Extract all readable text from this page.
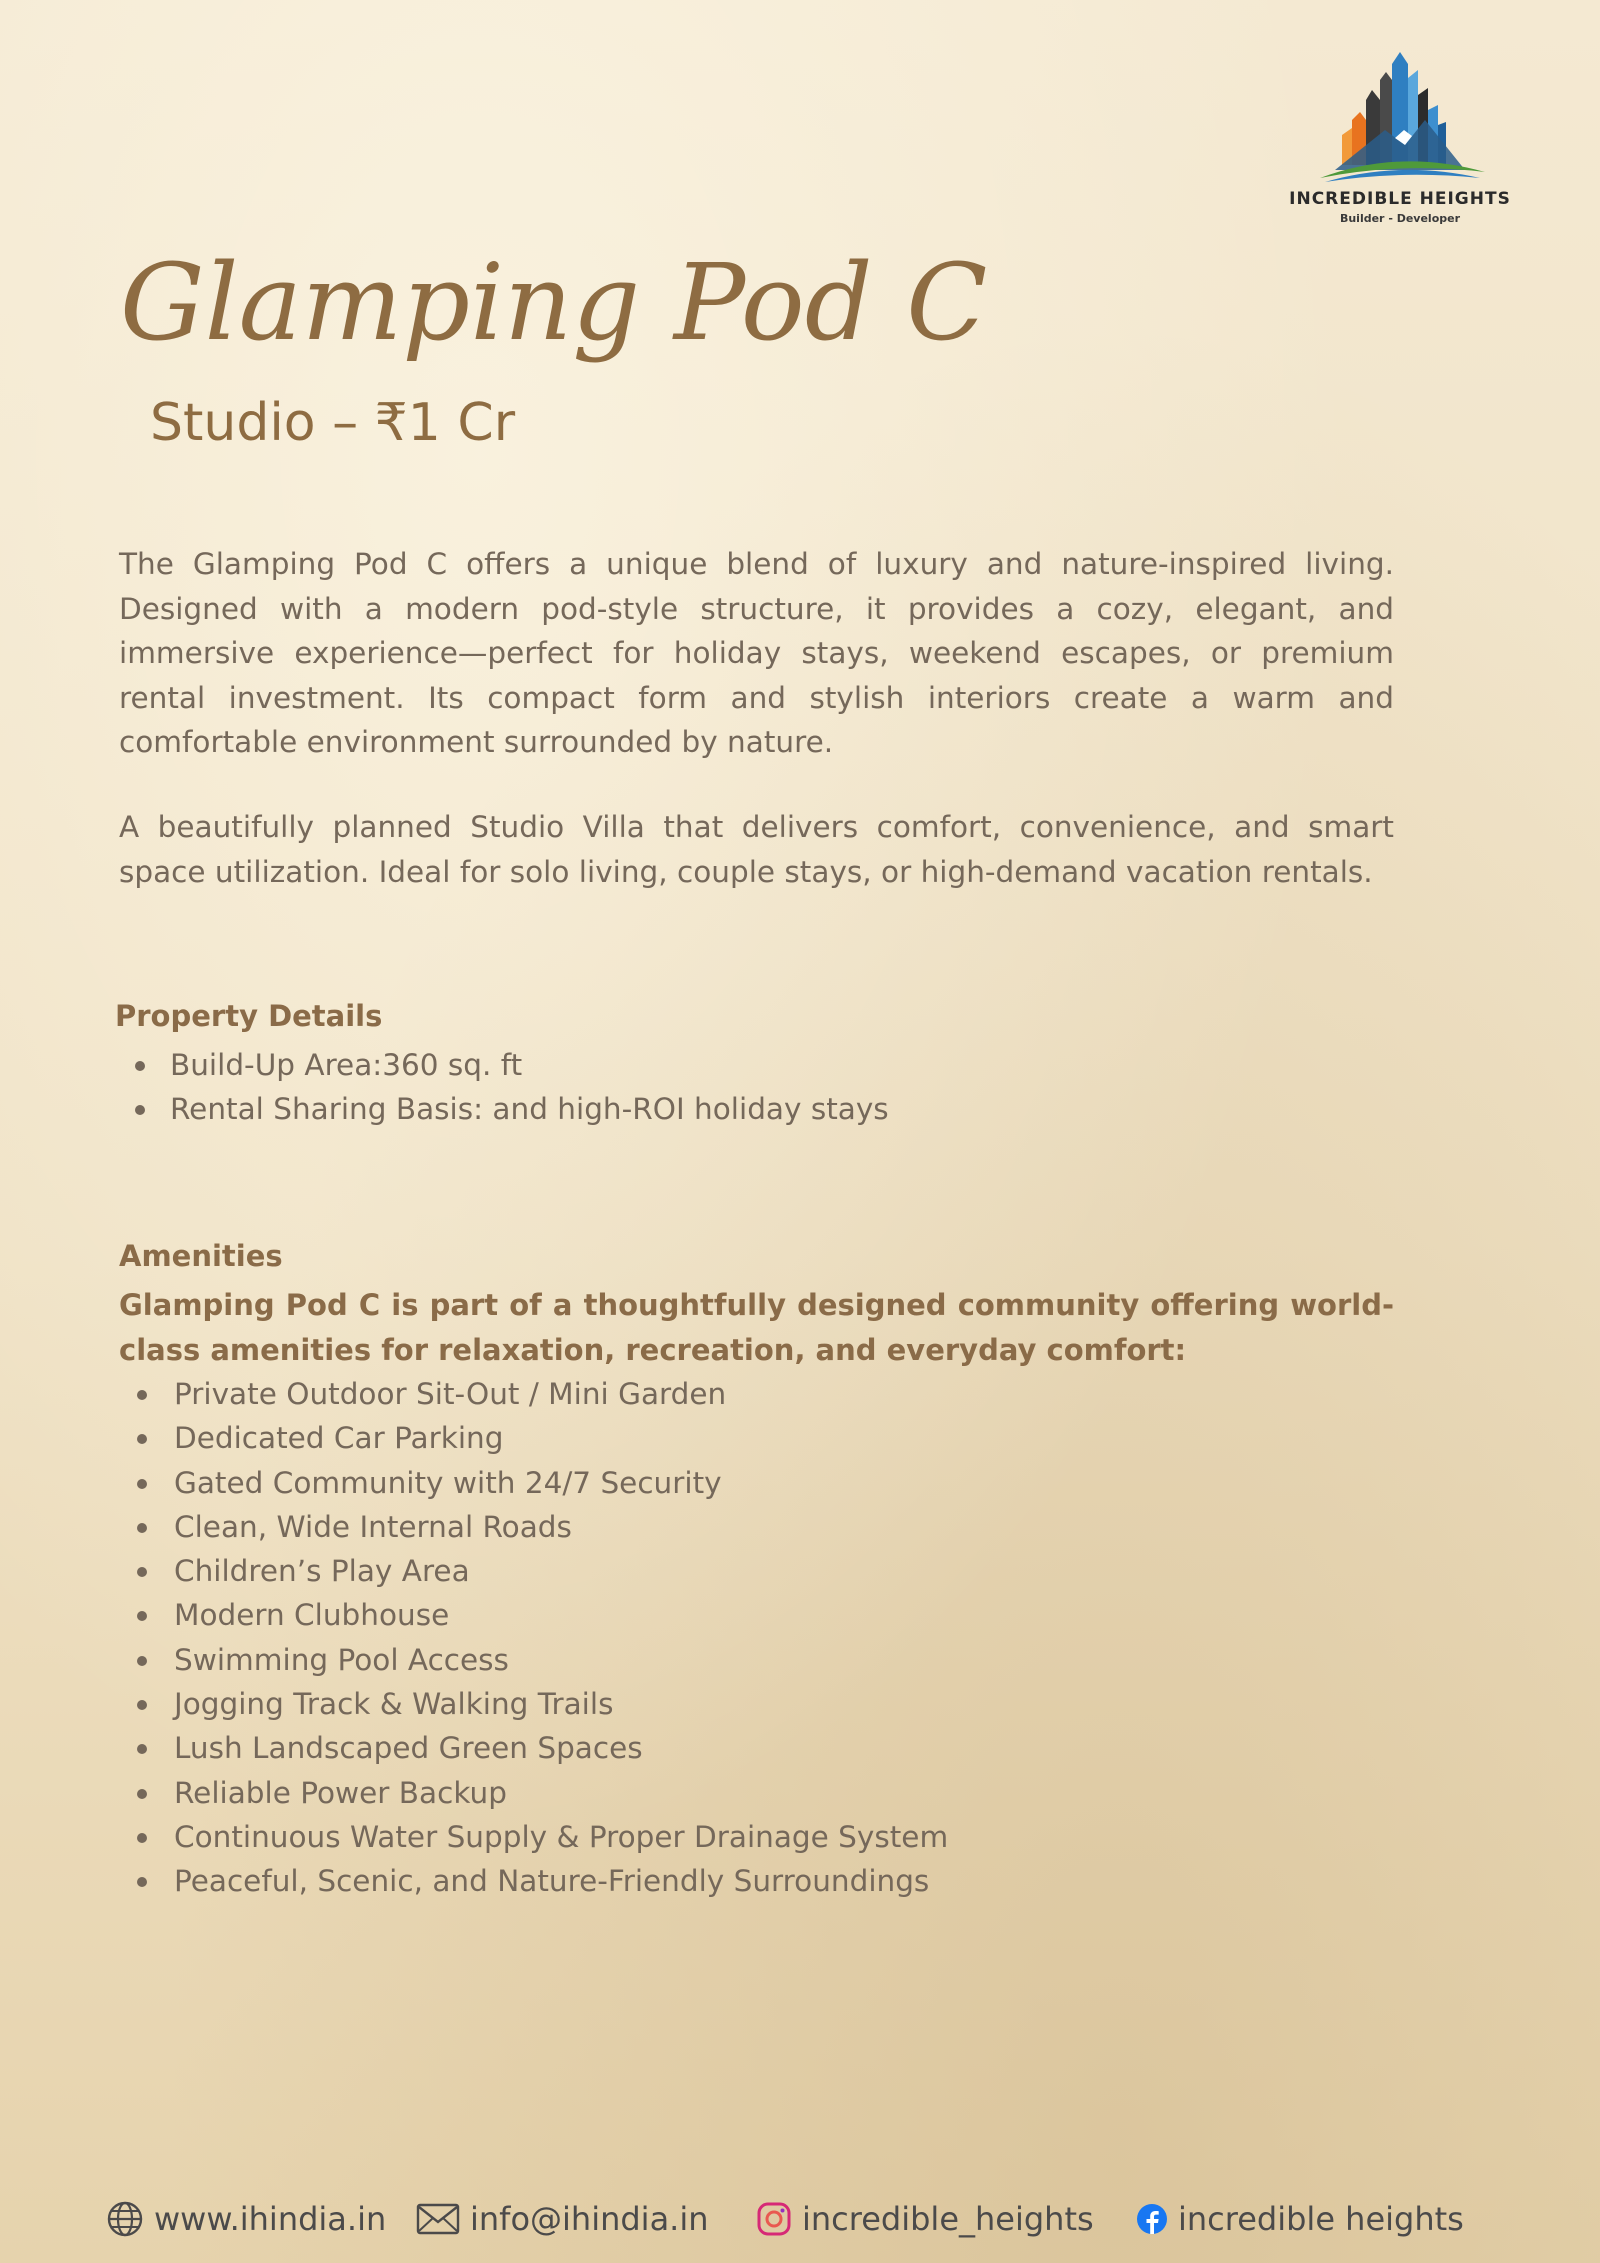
INCREDIBLE HEIGHTS
Builder - Developer
Glamping Pod C
Studio – ₹1 Cr

The Glamping Pod C offers a unique blend of luxury and nature-inspired living. Designed with a modern pod-style structure, it provides a cozy, elegant, and immersive experience—perfect for holiday stays, weekend escapes, or premium rental investment. Its compact form and stylish interiors create a warm and comfortable environment surrounded by nature.

A beautifully planned Studio Villa that delivers comfort, convenience, and smart space utilization. Ideal for solo living, couple stays, or high-demand vacation rentals.

Property Details
Build-Up Area:360 sq. ft
Rental Sharing Basis: and high-ROI holiday stays
Amenities

Glamping Pod C is part of a thoughtfully designed community offering world-class amenities for relaxation, recreation, and everyday comfort:

Private Outdoor Sit-Out / Mini Garden
Dedicated Car Parking
Gated Community with 24/7 Security
Clean, Wide Internal Roads
Children’s Play Area
Modern Clubhouse
Swimming Pool Access
Jogging Track & Walking Trails
Lush Landscaped Green Spaces
Reliable Power Backup
Continuous Water Supply & Proper Drainage System
Peaceful, Scenic, and Nature-Friendly Surroundings
www.ihindia.in	info@ihindia.in	incredible_heights	incredible heights
